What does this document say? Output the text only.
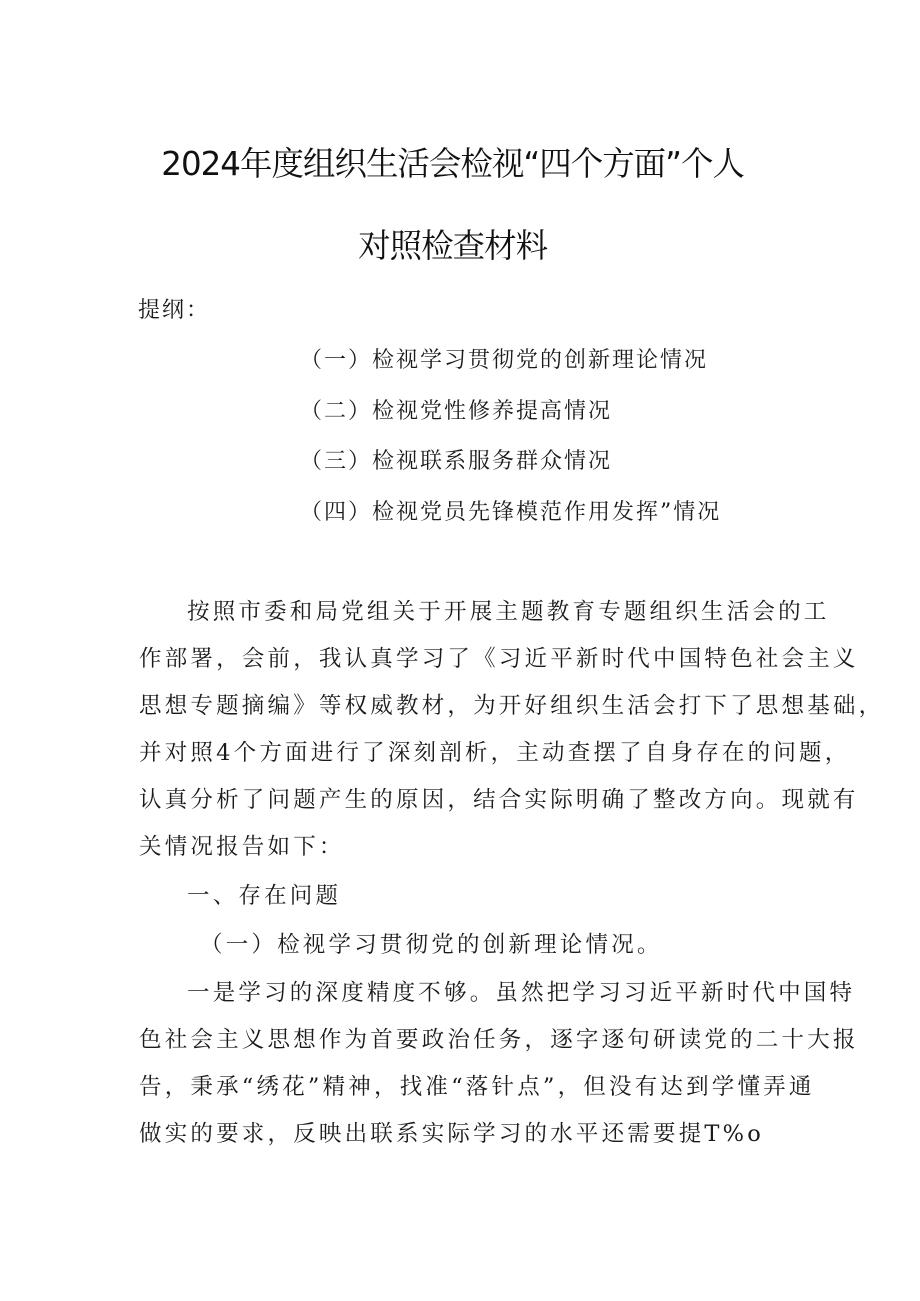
2024年度组织生活会检视“四个方面”个人
对照检查材料
提纲：
（一）检视学习贯彻党的创新理论情况
（二）检视党性修养提高情况
（三）检视联系服务群众情况
（四）检视党员先锋模范作用发挥”情况
按照市委和局党组关于开展主题教育专题组织生活会的工
作部署，会前，我认真学习了《习近平新时代中国特色社会主义
思想专题摘编》等权威教材，为开好组织生活会打下了思想基础，
并对照4个方面进行了深刻剖析，主动查摆了自身存在的问题，
认真分析了问题产生的原因，结合实际明确了整改方向。现就有
关情况报告如下：
一、存在问题
（一）检视学习贯彻党的创新理论情况。
一是学习的深度精度不够。虽然把学习习近平新时代中国特
色社会主义思想作为首要政治任务，逐字逐句研读党的二十大报
告，秉承“绣花”精神，找准“落针点”，但没有达到学懂弄通
做实的要求，反映出联系实际学习的水平还需要提T%o
